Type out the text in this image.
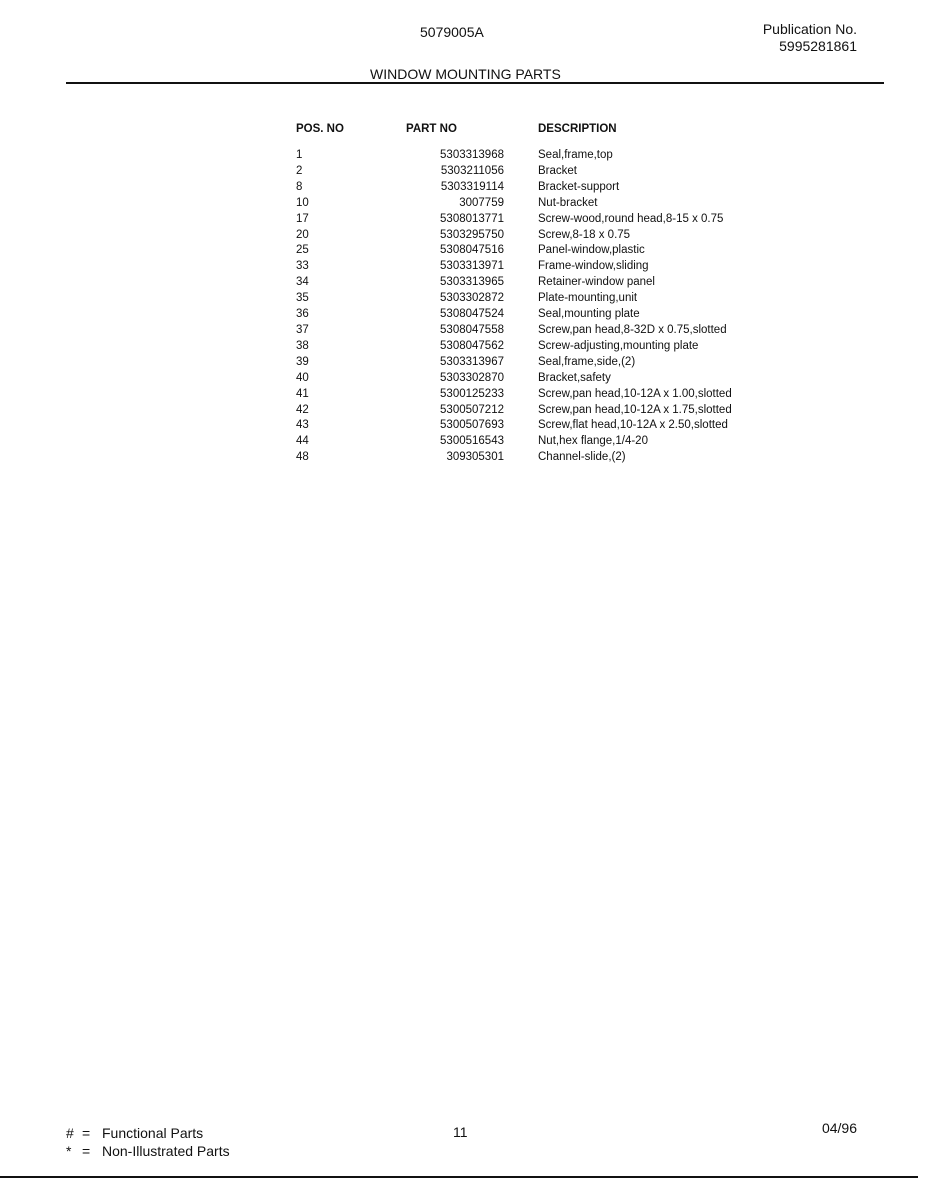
5079005A	Publication No.
5995281861
WINDOW MOUNTING PARTS
POS. NO	PART NO	DESCRIPTION
1	5303313968	Seal,frame,top
2	5303211056	Bracket
8	5303319114	Bracket-support
10	3007759	Nut-bracket
17	5308013771	Screw-wood,round head,8-15 x 0.75
20	5303295750	Screw,8-18 x 0.75
25	5308047516	Panel-window,plastic
33	5303313971	Frame-window,sliding
34	5303313965	Retainer-window panel
35	5303302872	Plate-mounting,unit
36	5308047524	Seal,mounting plate
37	5308047558	Screw,pan head,8-32D x 0.75,slotted
38	5308047562	Screw-adjusting,mounting plate
39	5303313967	Seal,frame,side,(2)
40	5303302870	Bracket,safety
41	5300125233	Screw,pan head,10-12A x 1.00,slotted
42	5300507212	Screw,pan head,10-12A x 1.75,slotted
43	5300507693	Screw,flat head,10-12A x 2.50,slotted
44	5300516543	Nut,hex flange,1/4-20
48	309305301	Channel-slide,(2)
# = Functional Parts
* = Non-Illustrated Parts
11	04/96
